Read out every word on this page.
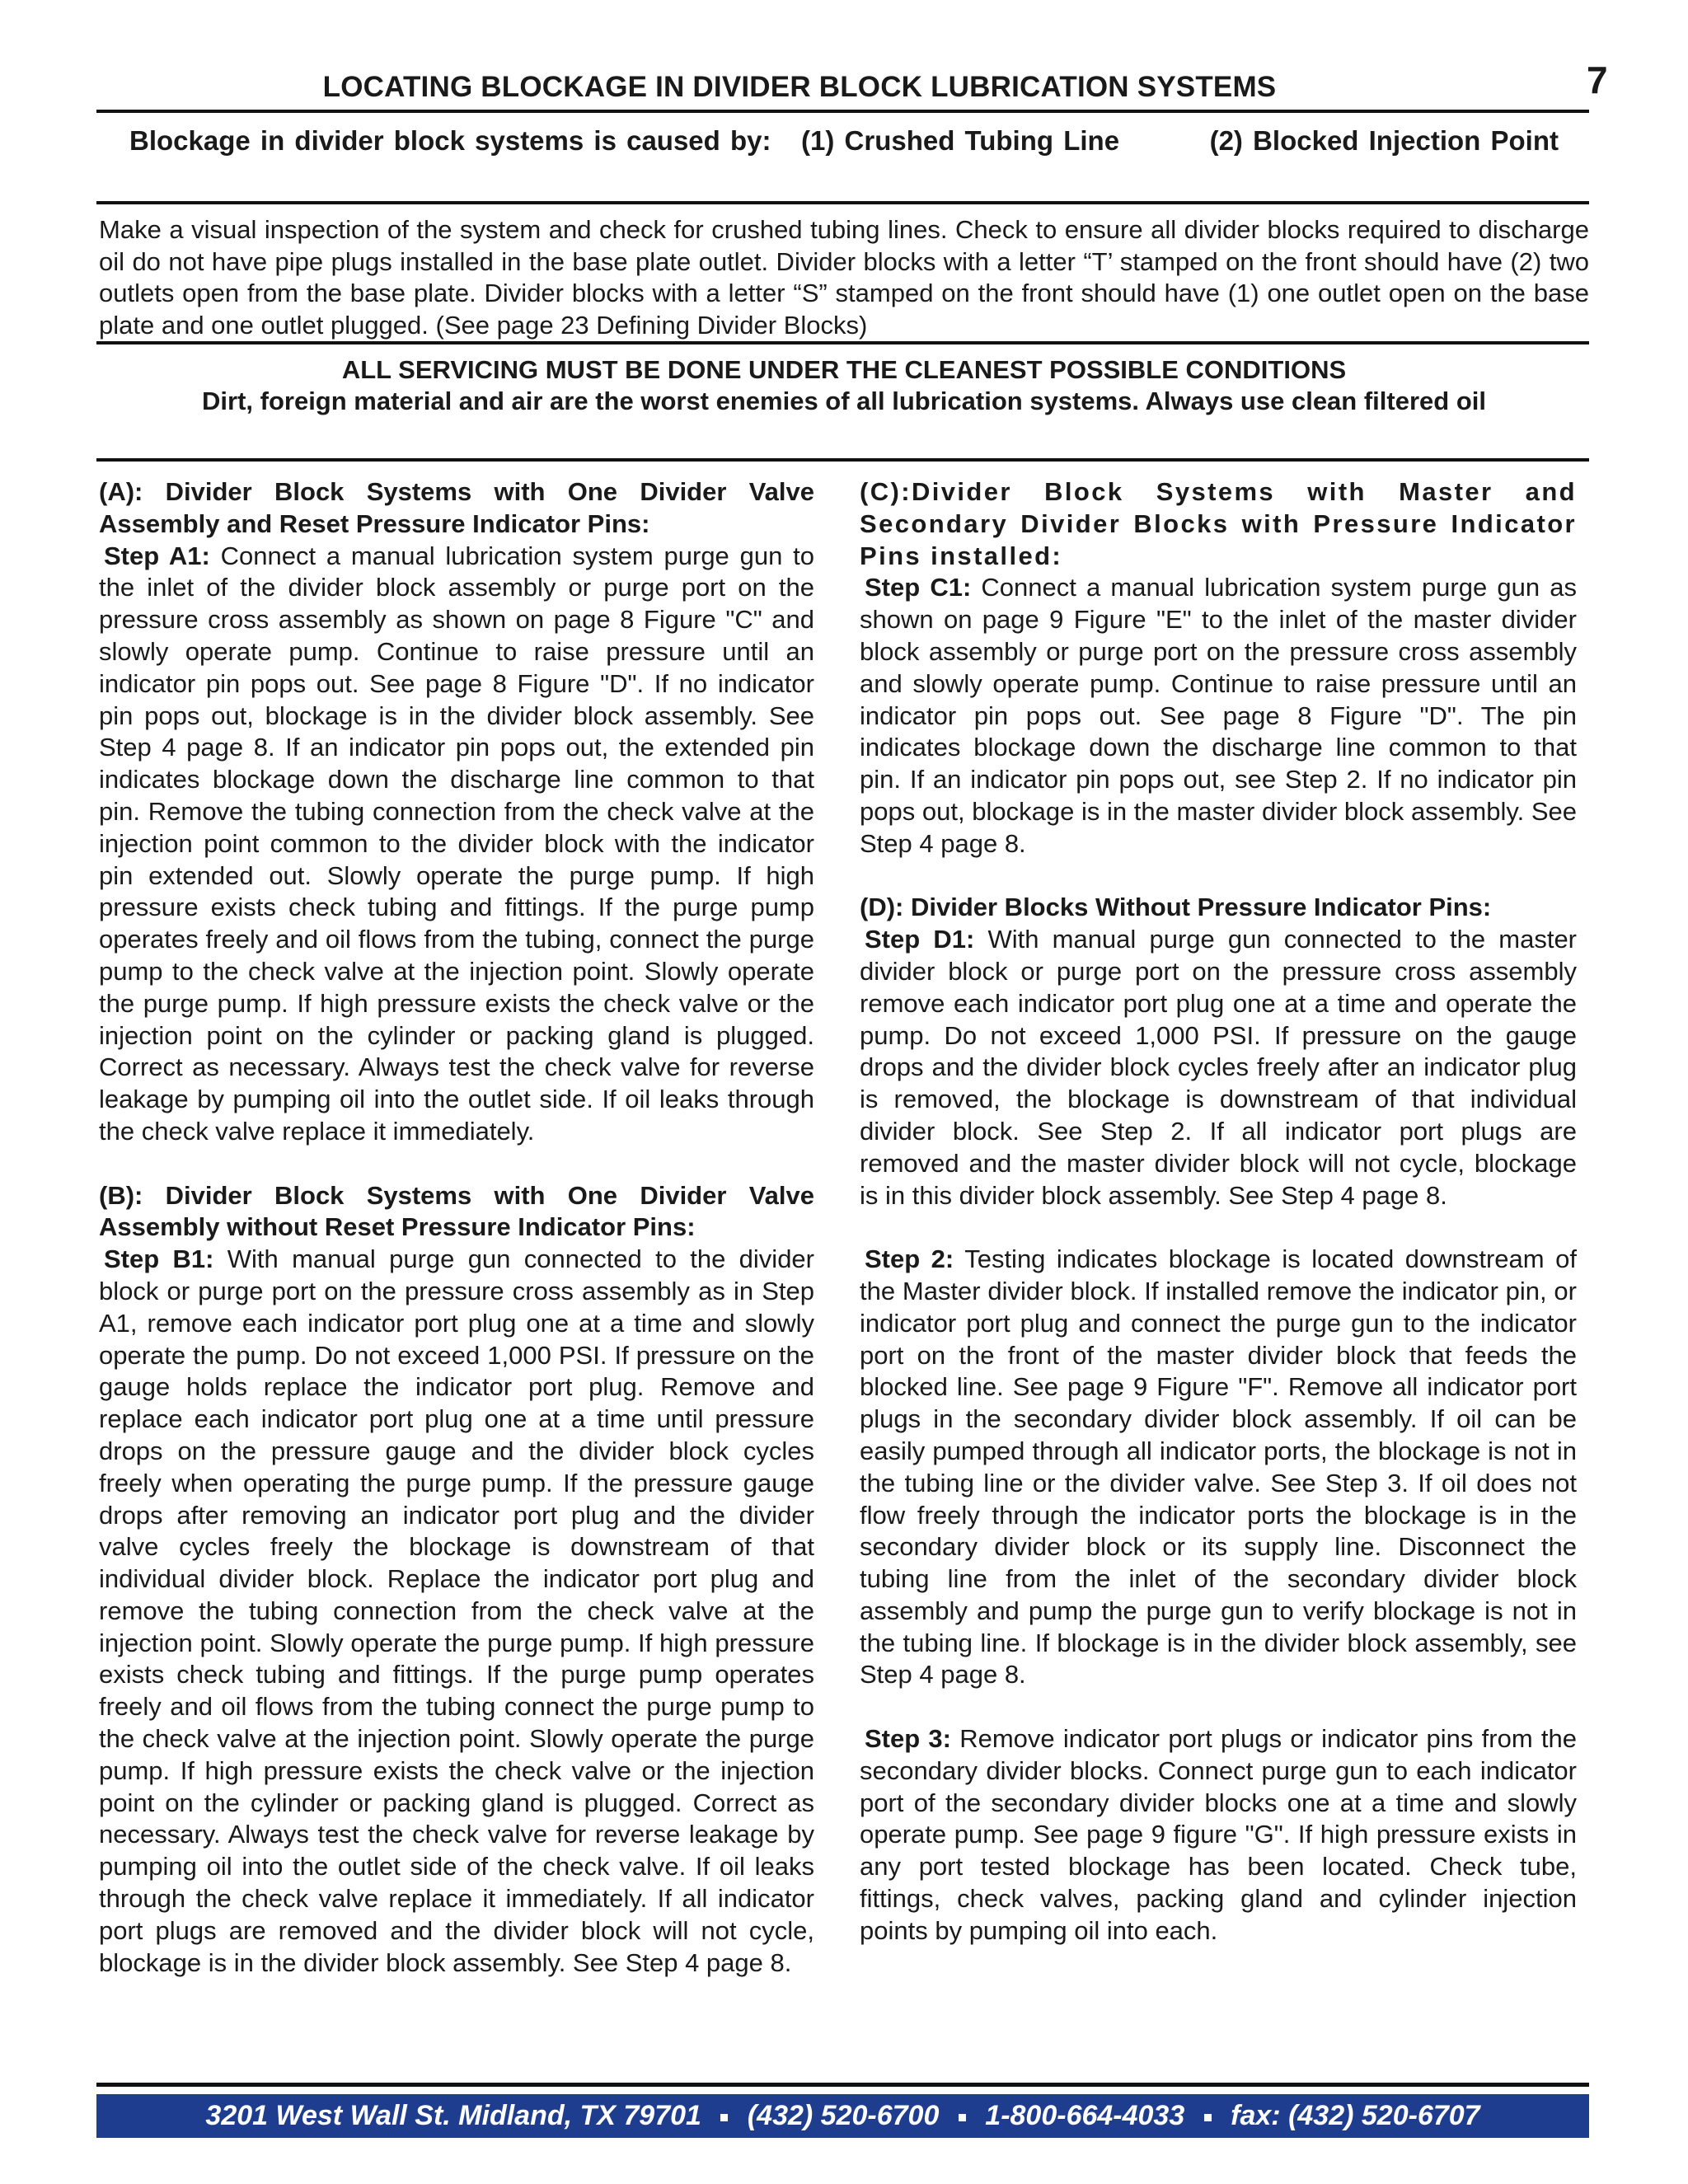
LOCATING BLOCKAGE IN DIVIDER BLOCK LUBRICATION SYSTEMS	7
Blockage in divider block systems is caused by: (1) Crushed Tubing Line	(2) Blocked Injection Point
Make a visual inspection of the system and check for crushed tubing lines. Check to ensure all divider blocks required to discharge oil do not have pipe plugs installed in the base plate outlet. Divider blocks with a letter “T’ stamped on the front should have (2) two outlets open from the base plate. Divider blocks with a letter “S” stamped on the front should have (1) one outlet open on the base plate and one outlet plugged. (See page 23 Defining Divider Blocks)
ALL SERVICING MUST BE DONE UNDER THE CLEANEST POSSIBLE CONDITIONS
Dirt, foreign material and air are the worst enemies of all lubrication systems. Always use clean filtered oil

(A): Divider Block Systems with One Divider Valve Assembly and Reset Pressure Indicator Pins:
Step A1: Connect a manual lubrication system purge gun to the inlet of the divider block assembly or purge port on the pressure cross assembly as shown on page 8 Figure "C" and slowly operate pump. Continue to raise pressure until an indicator pin pops out. See page 8 Figure "D". If no indicator pin pops out, blockage is in the divider block assembly. See Step 4 page 8. If an indicator pin pops out, the extended pin indicates blockage down the discharge line common to that pin. Remove the tubing connection from the check valve at the injection point common to the divider block with the indicator pin extended out. Slowly operate the purge pump. If high pressure exists check tubing and fittings. If the purge pump operates freely and oil flows from the tubing, connect the purge pump to the check valve at the injection point. Slowly operate the purge pump. If high pressure exists the check valve or the injection point on the cylinder or packing gland is plugged. Correct as necessary. Always test the check valve for reverse leakage by pumping oil into the outlet side. If oil leaks through the check valve replace it immediately.

(B): Divider Block Systems with One Divider Valve Assembly without Reset Pressure Indicator Pins:
Step B1: With manual purge gun connected to the divider block or purge port on the pressure cross assembly as in Step A1, remove each indicator port plug one at a time and slowly operate the pump. Do not exceed 1,000 PSI. If pressure on the gauge holds replace the indicator port plug. Remove and replace each indicator port plug one at a time until pressure drops on the pressure gauge and the divider block cycles freely when operating the purge pump. If the pressure gauge drops after removing an indicator port plug and the divider valve cycles freely the blockage is downstream of that individual divider block. Replace the indicator port plug and remove the tubing connection from the check valve at the injection point. Slowly operate the purge pump. If high pressure exists check tubing and fittings. If the purge pump operates freely and oil flows from the tubing connect the purge pump to the check valve at the injection point. Slowly operate the purge pump. If high pressure exists the check valve or the injection point on the cylinder or packing gland is plugged. Correct as necessary. Always test the check valve for reverse leakage by pumping oil into the outlet side of the check valve. If oil leaks through the check valve replace it immediately. If all indicator port plugs are removed and the divider block will not cycle, blockage is in the divider block assembly. See Step 4 page 8.

(C):Divider Block Systems with Master and Secondary Divider Blocks with Pressure Indicator Pins installed:
Step C1: Connect a manual lubrication system purge gun as shown on page 9 Figure "E" to the inlet of the master divider block assembly or purge port on the pressure cross assembly and slowly operate pump. Continue to raise pressure until an indicator pin pops out. See page 8 Figure "D". The pin indicates blockage down the discharge line common to that pin. If an indicator pin pops out, see Step 2. If no indicator pin pops out, blockage is in the master divider block assembly. See Step 4 page 8.

(D): Divider Blocks Without Pressure Indicator Pins:
Step D1: With manual purge gun connected to the master divider block or purge port on the pressure cross assembly remove each indicator port plug one at a time and operate the pump. Do not exceed 1,000 PSI. If pressure on the gauge drops and the divider block cycles freely after an indicator plug is removed, the blockage is downstream of that individual divider block. See Step 2. If all indicator port plugs are removed and the master divider block will not cycle, blockage is in this divider block assembly. See Step 4 page 8.

Step 2: Testing indicates blockage is located downstream of the Master divider block. If installed remove the indicator pin, or indicator port plug and connect the purge gun to the indicator port on the front of the master divider block that feeds the blocked line. See page 9 Figure "F". Remove all indicator port plugs in the secondary divider block assembly. If oil can be easily pumped through all indicator ports, the blockage is not in the tubing line or the divider valve. See Step 3. If oil does not flow freely through the indicator ports the blockage is in the secondary divider block or its supply line. Disconnect the tubing line from the inlet of the secondary divider block assembly and pump the purge gun to verify blockage is not in the tubing line. If blockage is in the divider block assembly, see Step 4 page 8.

Step 3: Remove indicator port plugs or indicator pins from the secondary divider blocks. Connect purge gun to each indicator port of the secondary divider blocks one at a time and slowly operate pump. See page 9 figure "G". If high pressure exists in any port tested blockage has been located. Check tube, fittings, check valves, packing gland and cylinder injection points by pumping oil into each.

3201 West Wall St. Midland, TX 79701 (432) 520-6700 1-800-664-4033 fax: (432) 520-6707
